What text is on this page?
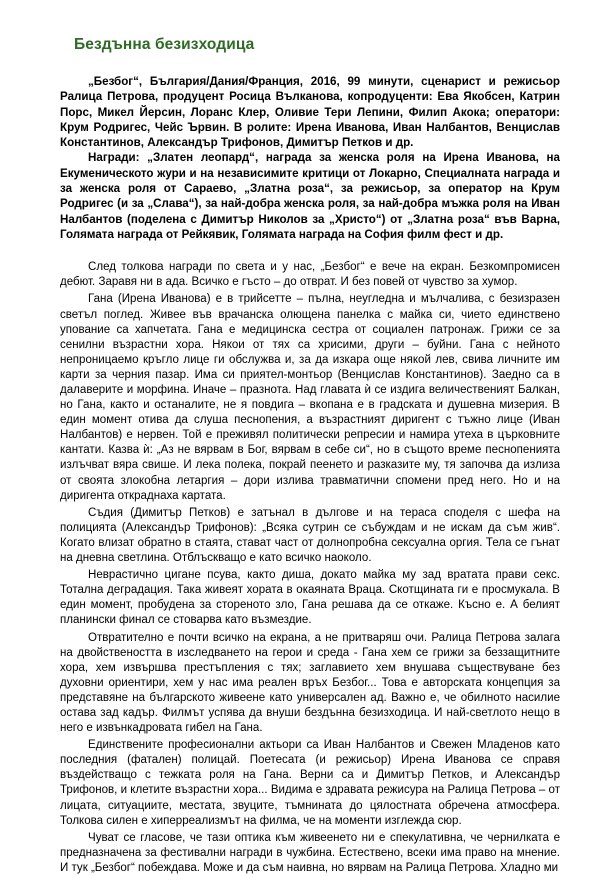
Бездънна безизходица

„Безбог“, България/Дания/Франция, 2016, 99 минути, сценарист и режисьор Ралица Петрова, продуцент Росица Вълканова, копродуценти: Ева Якобсен, Катрин Порс, Микел Йерсин, Лоранс Клер, Оливие Тери Лепини, Филип Акока; оператори: Крум Родригес, Чейс Ървин. В ролите: Ирена Иванова, Иван Налбантов, Венцислав Константинов, Александър Трифонов, Димитър Петков и др.

Награди: „Златен леопард“, награда за женска роля на Ирена Иванова, на Екуменическото жури и на независимите критици от Локарно, Специалната награда и за женска роля от Сараево, „Златна роза“, за режисьор, за оператор на Крум Родригес (и за „Слава“), за най-добра женска роля, за най-добра мъжка роля на Иван Налбантов (поделена с Димитър Николов за „Христо“) от „Златна роза“ във Варна, Голямата награда от Рейкявик, Голямата награда на София филм фест и др.

След толкова награди по света и у нас, „Безбог“ е вече на екран. Безкомпромисен дебют. Заравя ни в ада. Всичко е гъсто – до отврат. И без повей от чувство за хумор.

Гана (Ирена Иванова) е в трийсетте – пълна, неугледна и мълчалива, с безизразен светъл поглед. Живее във врачанска олющена панелка с майка си, чието единствено упование са хапчетата. Гана е медицинска сестра от социален патронаж. Грижи се за сенилни възрастни хора. Някои от тях са хрисими, други – буйни. Гана с нейното непроницаемо кръгло лице ги обслужва и, за да изкара още някой лев, свива личните им карти за черния пазар. Има си приятел-монтьор (Венцислав Константинов). Заедно са в далаверите и морфина. Иначе – празнота. Над главата ѝ се издига величественият Балкан, но Гана, както и останалите, не я повдига – вкопана е в градската и душевна мизерия. В един момент отива да слуша песнопения, а възрастният диригент с тъжно лице (Иван Налбантов) е нервен. Той е преживял политически репресии и намира утеха в църковните кантати. Казва ѝ: „Аз не вярвам в Бог, вярвам в себе си“, но в същото време песнопенията излъчват вяра свише. И лека полека, покрай пеенето и разказите му, тя започва да излиза от своята злокобна летаргия – дори излива травматични спомени пред него. Но и на диригента откраднаха картата.

Съдия (Димитър Петков) е затънал в дългове и на тераса споделя с шефа на полицията (Александър Трифонов): „Всяка сутрин се събуждам и не искам да съм жив“. Когато влизат обратно в стаята, стават част от долнопробна сексуална оргия. Тела се гънат на дневна светлина. Отблъскващо е като всичко наоколо.

Неврастично цигане псува, както диша, докато майка му зад вратата прави секс. Тотална деградация. Така живеят хората в окаяната Враца. Скотщината ги е просмукала. В един момент, пробудена за стореното зло, Гана решава да се откаже. Късно е. А белият планински финал се стоварва като възмездие.

Отвратително е почти всичко на екрана, а не притваряш очи. Ралица Петрова залага на двойствеността в изследването на герои и среда - Гана хем се грижи за беззащитните хора, хем извършва престъпления с тях; заглавието хем внушава съществуване без духовни ориентири, хем у нас има реален връх Безбог... Това е авторската концепция за представяне на българското живеене като универсален ад. Важно е, че обилното насилие остава зад кадър. Филмът успява да внуши бездънна безизходица. И най-светлото нещо в него е извънкадровата гибел на Гана.

Единствените професионални актьори са Иван Налбантов и Свежен Младенов като последния (фатален) полицай. Поетесата (и режисьор) Ирена Иванова се справя въздействащо с тежката роля на Гана. Верни са и Димитър Петков, и Александър Трифонов, и клетите възрастни хора... Видима е здравата режисура на Ралица Петрова – от лицата, ситуациите, местата, звуците, тъмнината до цялостната обречена атмосфера. Толкова силен е хиперреализмът на филма, че на моменти изглежда сюр.

Чуват се гласове, че тази оптика към живеенето ни е спекулативна, че чернилката е предназначена за фестивални награди в чужбина. Естествено, всеки има право на мнение. И тук „Безбог“ побеждава. Може и да съм наивна, но вярвам на Ралица Петрова. Хладно ми
